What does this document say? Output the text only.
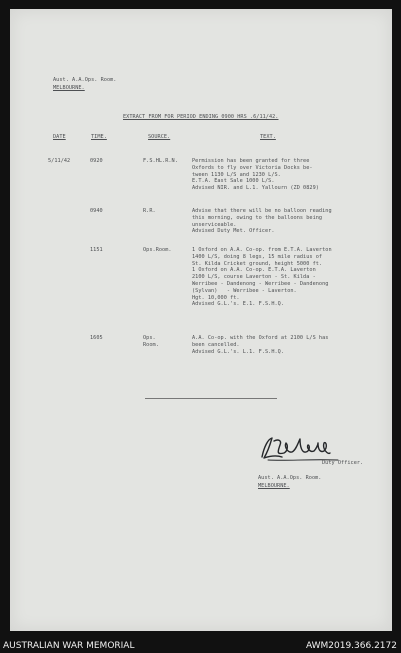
Aust. A.A.Ops. Room.
MELBOURNE.
EXTRACT FROM FOR PERIOD ENDING 0900 HRS .6/11/42.
DATE	TIME.	SOURCE.	TEXT.
5/11/42	0920	F.S.HL.R.N.	Permission has been granted for three
Oxfords to fly over Victoria Docks be-
tween 1130 L/S and 1230 L/S.
E.T.A. East Sale 1000 L/S.
Advised NIR. and L.1. Yallourn (ZD 0829)
0940	R.R.	Advise that there will be no balloon reading
this morning, owing to the balloons being
unserviceable.
Advised Duty Met. Officer.
1151	Ops.Room.	1 Oxford on A.A. Co-op. from E.T.A. Laverton
1400 L/S, doing 8 legs, 15 mile radius of
St. Kilda Cricket ground, height 5000 ft.
1 Oxford on A.A. Co-op. E.T.A. Laverton
2100 L/S, course Laverton - St. Kilda -
Werribee - Dandenong - Werribee - Dandenong
(Sylvan)   - Werribee - Laverton.
Hgt. 10,000 ft.
Advised G.L.'s. E.1. F.S.H.Q.
1605	Ops.
Room.
A.A. Co-op. with the Oxford at 2100 L/S has
been cancelled.
Advised G.L.'s. L.1. F.S.H.Q.
Duty Officer.
Aust. A.A.Ops. Room.
MELBOURNE.
AUSTRALIAN WAR MEMORIAL	AWM2019.366.2172
